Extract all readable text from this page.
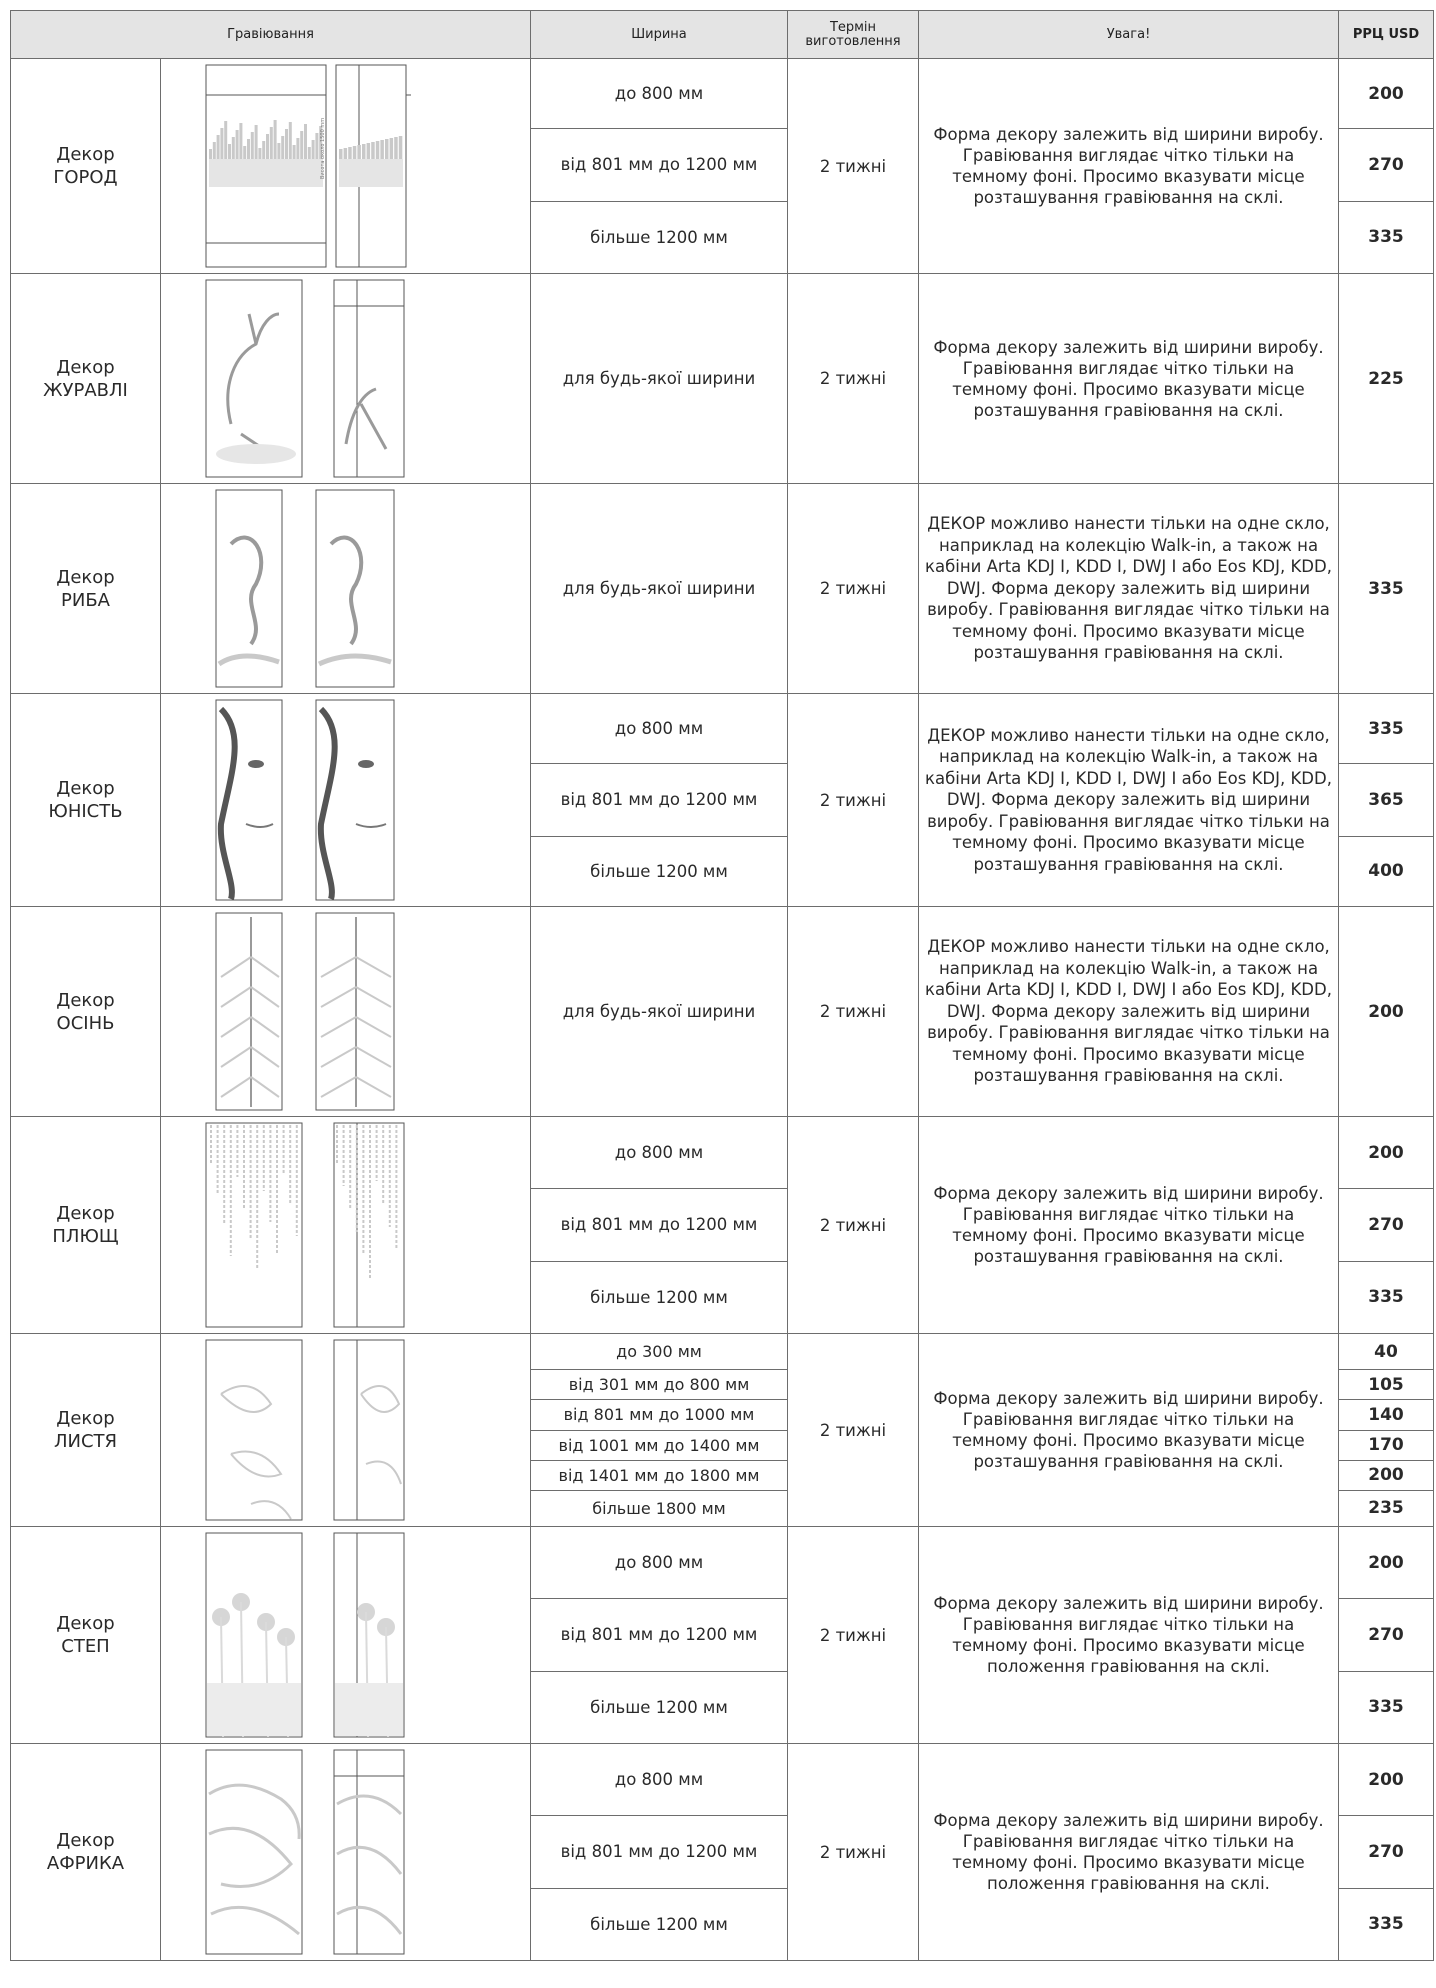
Гравіювання		Ширина	Термін виготовлення	Увага!	РРЦ USD

Декор
ГОРОД	Висота около 1500 mm	до 800 мм	2 тижні	Форма декору залежить від ширини виробу. Гравіювання виглядає чітко тільки на темному фоні. Просимо вказувати місце розташування гравіювання на склі.	200
		від 801 мм до 1200 мм			270
		більше 1200 мм			335

Декор
ЖУРАВЛІ		для будь-якої ширини	2 тижні	Форма декору залежить від ширини виробу. Гравіювання виглядає чітко тільки на темному фоні. Просимо вказувати місце розташування гравіювання на склі.	225

Декор
РИБА		для будь-якої ширини	2 тижні	ДЕКОР можливо нанести тільки на одне скло, наприклад на колекцію Walk-in, а також на кабіни Arta KDJ I, KDD I, DWJ I або Eos KDJ, KDD, DWJ. Форма декору залежить від ширини виробу. Гравіювання виглядає чітко тільки на темному фоні. Просимо вказувати місце розташування гравіювання на склі.	335

Декор
ЮНІСТЬ		до 800 мм	2 тижні	ДЕКОР можливо нанести тільки на одне скло, наприклад на колекцію Walk-in, а також на кабіни Arta KDJ I, KDD I, DWJ I або Eos KDJ, KDD, DWJ. Форма декору залежить від ширини виробу. Гравіювання виглядає чітко тільки на темному фоні. Просимо вказувати місце розташування гравіювання на склі.	335
		від 801 мм до 1200 мм			365
		більше 1200 мм			400

Декор
ОСІНЬ		для будь-якої ширини	2 тижні	ДЕКОР можливо нанести тільки на одне скло, наприклад на колекцію Walk-in, а також на кабіни Arta KDJ I, KDD I, DWJ I або Eos KDJ, KDD, DWJ. Форма декору залежить від ширини виробу. Гравіювання виглядає чітко тільки на темному фоні. Просимо вказувати місце розташування гравіювання на склі.	200

Декор
ПЛЮЩ		до 800 мм	2 тижні	Форма декору залежить від ширини виробу. Гравіювання виглядає чітко тільки на темному фоні. Просимо вказувати місце розташування гравіювання на склі.	200
		від 801 мм до 1200 мм			270
		більше 1200 мм			335

Декор
ЛИСТЯ		до 300 мм	2 тижні	Форма декору залежить від ширини виробу. Гравіювання виглядає чітко тільки на темному фоні. Просимо вказувати місце розташування гравіювання на склі.	40
		від 301 мм до 800 мм			105
		від 801 мм до 1000 мм			140
		від 1001 мм до 1400 мм			170
		від 1401 мм до 1800 мм			200
		більше 1800 мм			235

Декор
СТЕП		до 800 мм	2 тижні	Форма декору залежить від ширини виробу. Гравіювання виглядає чітко тільки на темному фоні. Просимо вказувати місце положення гравіювання на склі.	200
		від 801 мм до 1200 мм			270
		більше 1200 мм			335

Декор
АФРИКА		до 800 мм	2 тижні	Форма декору залежить від ширини виробу. Гравіювання виглядає чітко тільки на темному фоні. Просимо вказувати місце положення гравіювання на склі.	200
		від 801 мм до 1200 мм			270
		більше 1200 мм			335
